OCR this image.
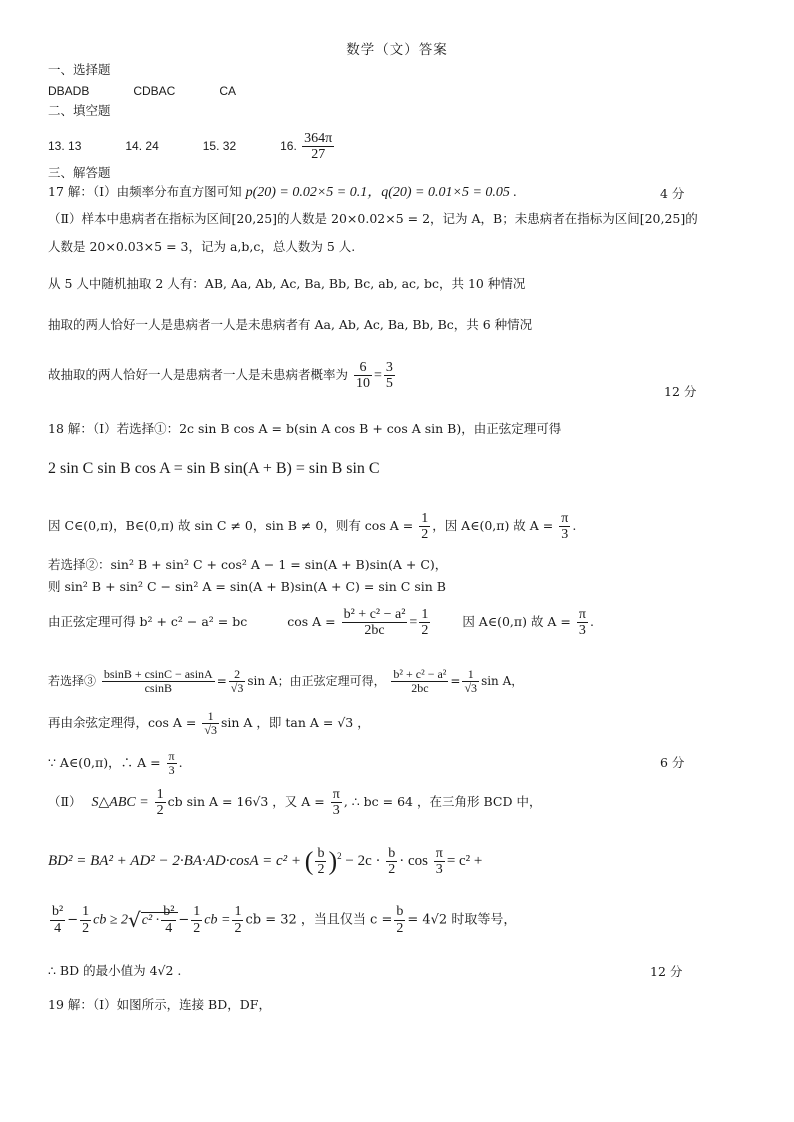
数学（文）答案
一、选择题
DBADB	CDBAC	CA
二、填空题
13. 13	14. 24	15. 32	16. $\frac{364\pi}{27}$
三、解答题
17 解：（Ⅰ）由频率分布直方图可知 p(20) = 0.02×5 = 0.1，q(20) = 0.01×5 = 0.05 .	4 分
（Ⅱ）样本中患病者在指标为区间[20,25]的人数是 20×0.02×5 = 2，记为 A，B；未患病者在指标为区间[20,25]的
人数是 20×0.03×5 = 3，记为 a,b,c，总人数为 5 人.
从 5 人中随机抽取 2 人有：AB, Aa, Ab, Ac, Ba, Bb, Bc, ab, ac, bc，共 10 种情况
抽取的两人恰好一人是患病者一人是未患病者有 Aa, Ab, Ac, Ba, Bb, Bc，共 6 种情况
故抽取的两人恰好一人是患病者一人是未患病者概率为 $\frac{6}{10} = \frac{3}{5}$
12 分
18 解：（Ⅰ）若选择①：2c sin B cos A = b(sin A cos B + cos A sin B)，由正弦定理可得
2 sin C sin B cos A = sin B sin(A + B) = sin B sin C
因 C∈(0,π)，B∈(0,π) 故 sin C ≠ 0，sin B ≠ 0，则有 $\cos A = \frac{1}{2}$ ，因 A∈(0,π) 故 $A = \frac{\pi}{3}$ .
若选择②：sin² B + sin² C + cos² A − 1 = sin(A + B)sin(A + C)，
则 sin² B + sin² C − sin² A = sin(A + B)sin(A + C) = sin C sin B
由正弦定理可得 b² + c² − a² = bc	$\cos A = \frac{\text{b² + c² − a²}}{2bc} = \frac{1}{2}$	因 A∈(0,π) 故 $A = \frac{\pi}{3}$ .
若选择③ $\frac{bsinB + csinC - asinA}{csinB} = \frac{2}{√3}$ sin A；由正弦定理可得， $\frac{\text{b² + c² − a²}}{2bc} = \frac{1}{√3}$ sin A，
再由余弦定理得，$\cos A = \frac{1}{√3}$ sin A ，即 tan A = √3 ，
∵ A∈(0,π)，∴ $A = \frac{\pi}{3}$ .	6 分
（Ⅱ） S△ABC = $\frac{1}{2}$ cb sin A = 16√3 ，又 $A = \frac{\pi}{3}$ , ∴ bc = 64 ，在三角形 BCD 中，
BD² = BA² + AD² − 2·BA·AD·cosA = c² + ( $\frac{b}{2} )^2 - 2c \cdot \frac{b}{2} \cdot \cos \frac{\pi}{3} = c^2$ +
$\frac{\text{b²}}{4} - \frac{1}{2}$ cb ≥ $2√c^2 \cdot \frac{\text{b²}}{4} - \frac{1}{2}$ cb = $\frac{1}{2}$ cb = 32 ，当且仅当 $c = \frac{b}{2} = 4√2$ 时取等号，
∴ BD 的最小值为 4√2 .	12 分
19 解：（Ⅰ）如图所示，连接 BD，DF，
